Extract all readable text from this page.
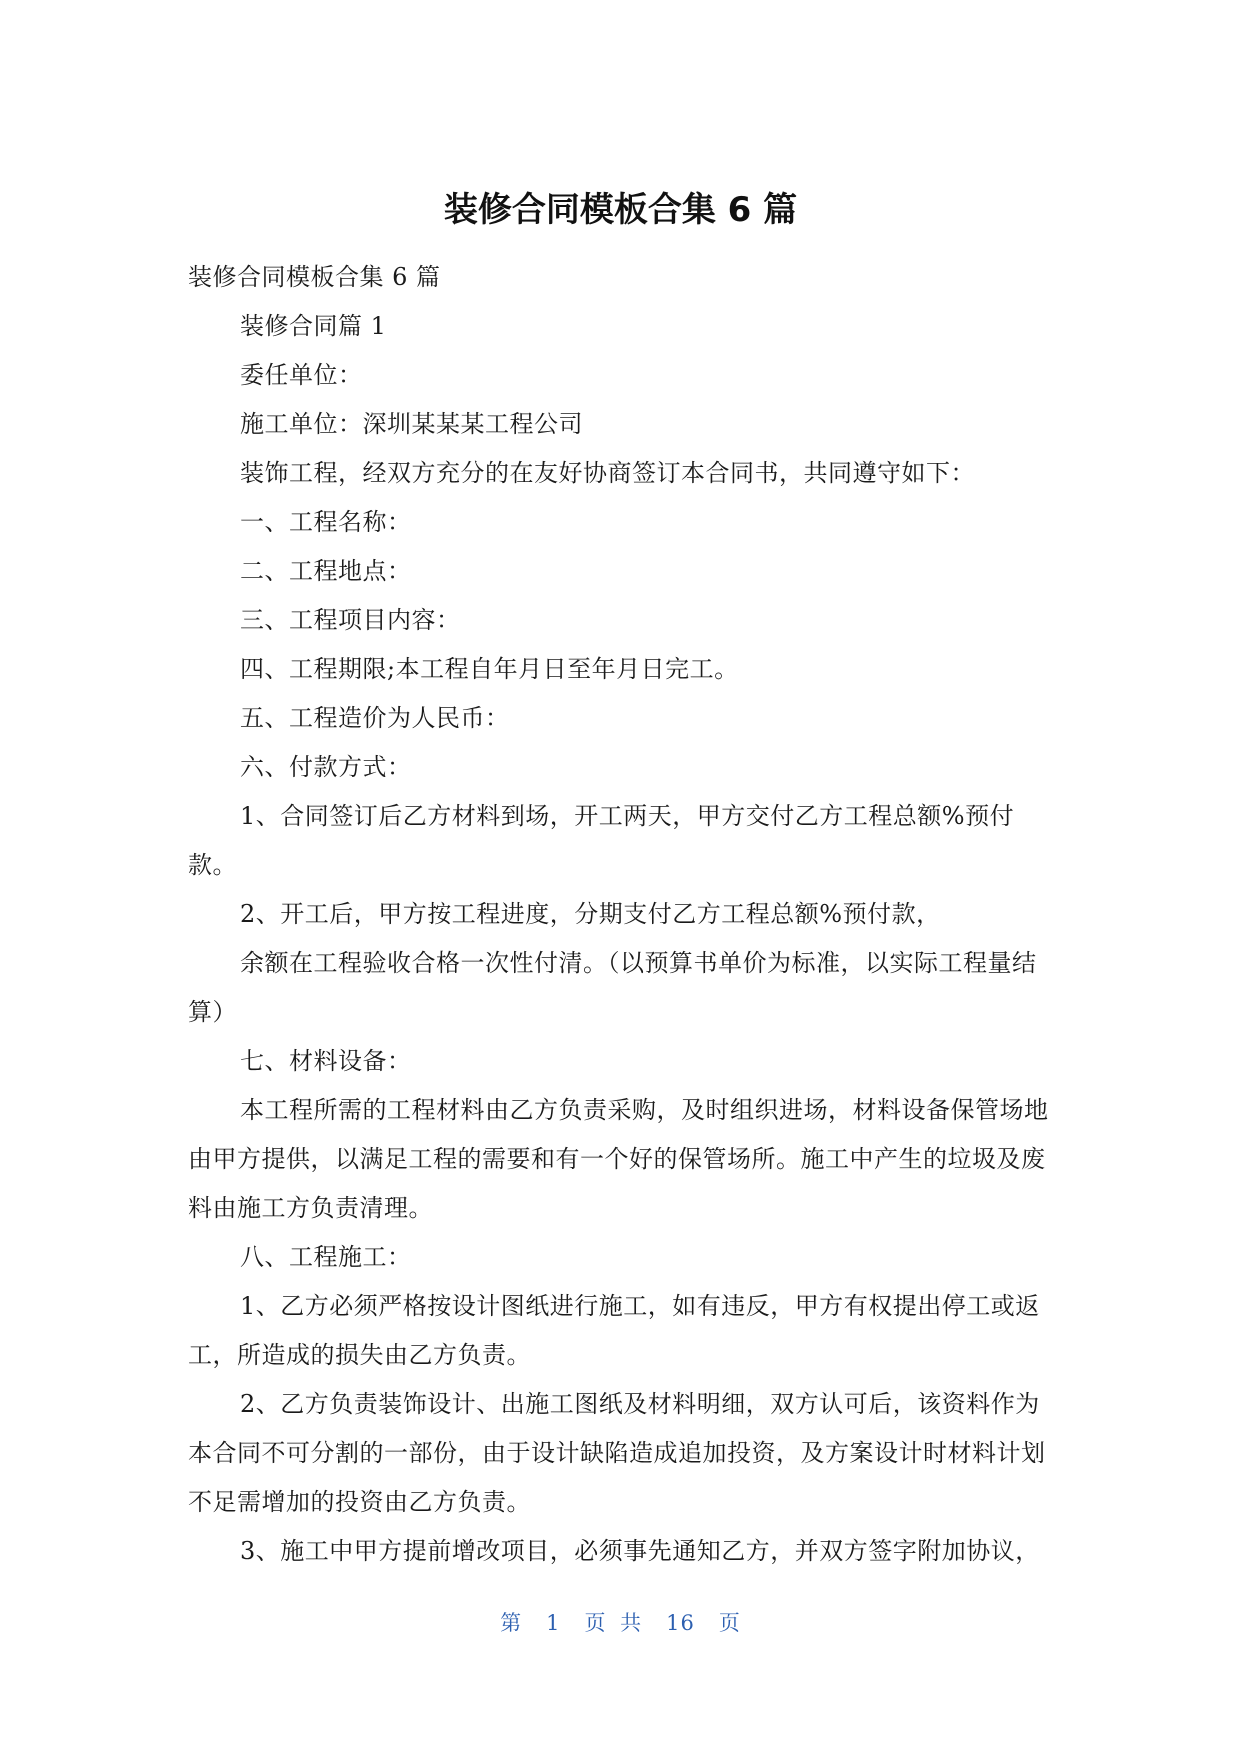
装修合同模板合集 6 篇

装修合同模板合集 6 篇

装修合同篇 1

委任单位：

施工单位：深圳某某某工程公司

装饰工程，经双方充分的在友好协商签订本合同书，共同遵守如下：

一、工程名称：

二、工程地点：

三、工程项目内容：

四、工程期限;本工程自年月日至年月日完工。

五、工程造价为人民币：

六、付款方式：

1、合同签订后乙方材料到场，开工两天，甲方交付乙方工程总额%预付款。

2、开工后，甲方按工程进度，分期支付乙方工程总额%预付款，

余额在工程验收合格一次性付清。（以预算书单价为标准，以实际工程量结算）

七、材料设备：

本工程所需的工程材料由乙方负责采购，及时组织进场，材料设备保管场地由甲方提供，以满足工程的需要和有一个好的保管场所。施工中产生的垃圾及废料由施工方负责清理。

八、工程施工：

1、乙方必须严格按设计图纸进行施工，如有违反，甲方有权提出停工或返工，所造成的损失由乙方负责。

2、乙方负责装饰设计、出施工图纸及材料明细，双方认可后，该资料作为本合同不可分割的一部份，由于设计缺陷造成追加投资，及方案设计时材料计划不足需增加的投资由乙方负责。

3、施工中甲方提前增改项目，必须事先通知乙方，并双方签字附加协议，

第 1 页 共 16 页
